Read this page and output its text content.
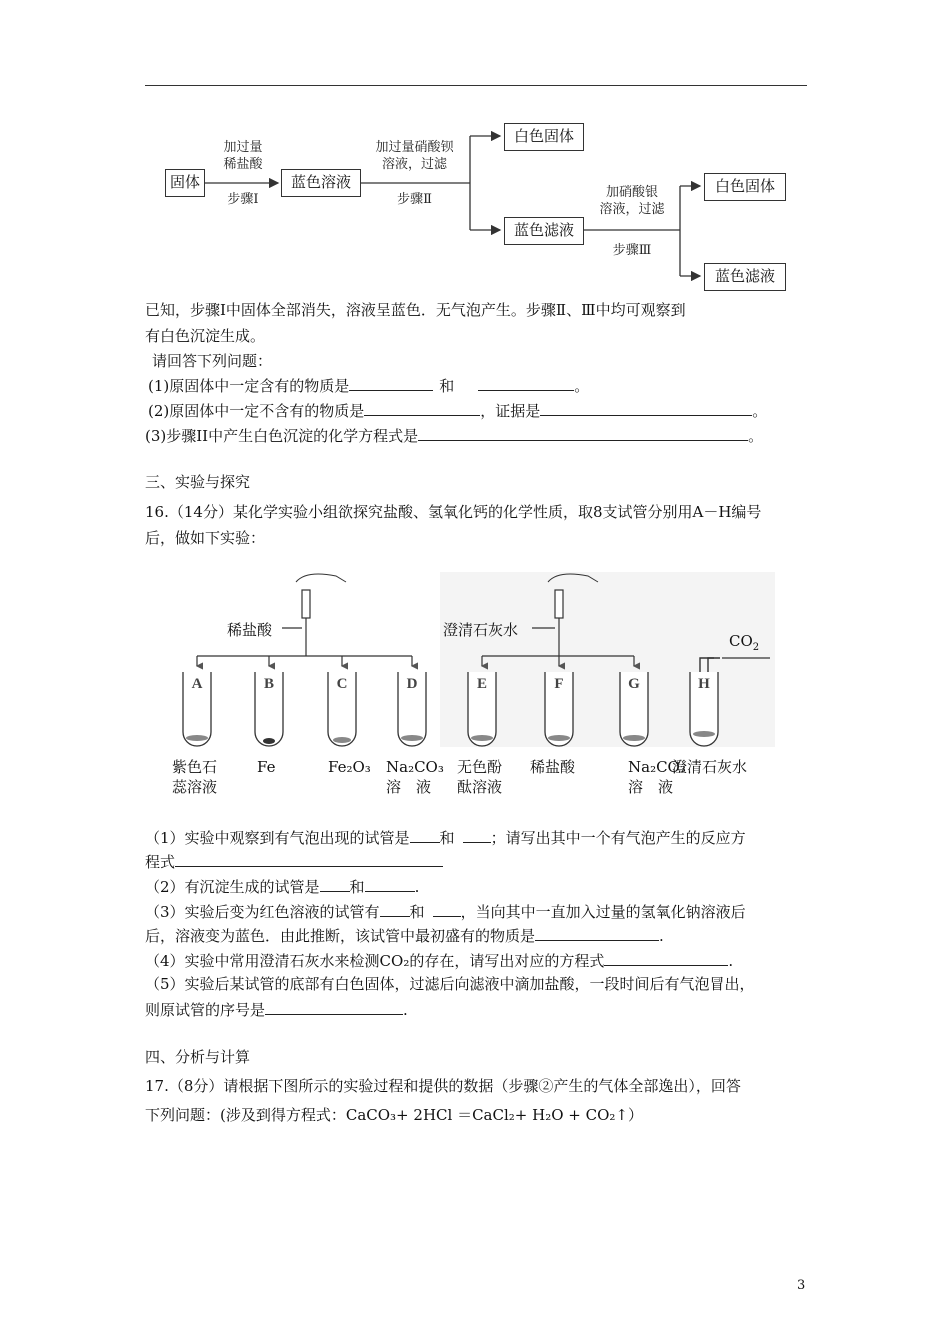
固体	蓝色溶液
白色固体
蓝色滤液
白色固体
蓝色滤液
加过量
稀盐酸
步骤Ⅰ
加过量硝酸钡
溶液，过滤
步骤Ⅱ	加硝酸银
溶液，过滤
步骤Ⅲ
已知，步骤Ⅰ中固体全部消失，溶液呈蓝色．无气泡产生。步骤Ⅱ、Ⅲ中均可观察到
有白色沉淀生成。
请回答下列问题：
(1)原固体中一定含有的物质是	和	。
(2)原固体中一定不含有的物质是	，证据是	。
(3)步骤II中产生白色沉淀的化学方程式是	。
三、实验与探究
16.（14分）某化学实验小组欲探究盐酸、氢氧化钙的化学性质，取8支试管分别用A－H编号
后，做如下实验：
A	B	C	D	E	F	G	H
稀盐酸	澄清石灰水
$CO_2$
紫色石
蕊溶液
Fe	Fe₂O₃ Na₂CO₃
溶　液
无色酚
酞溶液
稀盐酸	Na₂CO₃
溶　液
澄清石灰水
（1）实验中观察到有气泡出现的试管是 和 ；请写出其中一个有气泡产生的反应方
程式
（2）有沉淀生成的试管是 和	.
（3）实验后变为红色溶液的试管有 和 ，当向其中一直加入过量的氢氧化钠溶液后
后，溶液变为蓝色．由此推断，该试管中最初盛有的物质是	.
（4）实验中常用澄清石灰水来检测CO₂的存在，请写出对应的方程式	.
（5）实验后某试管的底部有白色固体，过滤后向滤液中滴加盐酸，一段时间后有气泡冒出，
则原试管的序号是	.
四、分析与计算
17.（8分）请根据下图所示的实验过程和提供的数据（步骤②产生的气体全部逸出），回答
下列问题：(涉及到得方程式：CaCO₃+ 2HCl ＝CaCl₂+ H₂O + CO₂↑）
3
